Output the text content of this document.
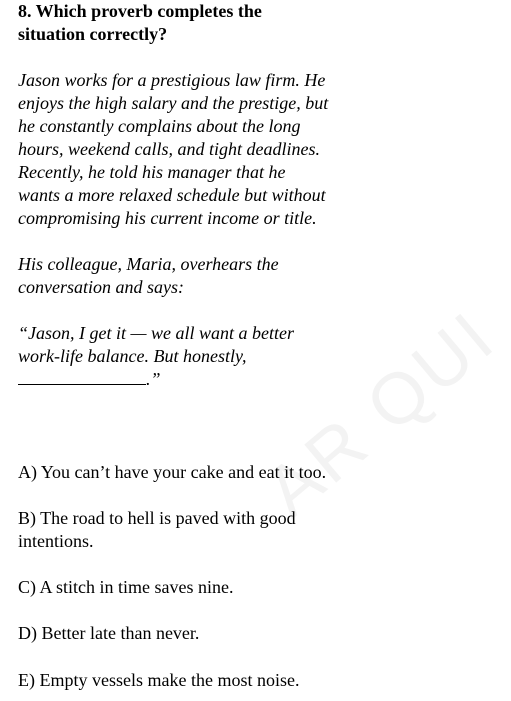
AR QUI
8. Which proverb completes the
situation correctly?
Jason works for a prestigious law firm. He
enjoys the high salary and the prestige, but
he constantly complains about the long
hours, weekend calls, and tight deadlines.
Recently, he told his manager that he
wants a more relaxed schedule but without
compromising his current income or title.
His colleague, Maria, overhears the
conversation and says:
“Jason, I get it — we all want a better
work-life balance. But honestly,
.”
A) You can’t have your cake and eat it too.
B) The road to hell is paved with good
intentions.
C) A stitch in time saves nine.
D) Better late than never.
E) Empty vessels make the most noise.
